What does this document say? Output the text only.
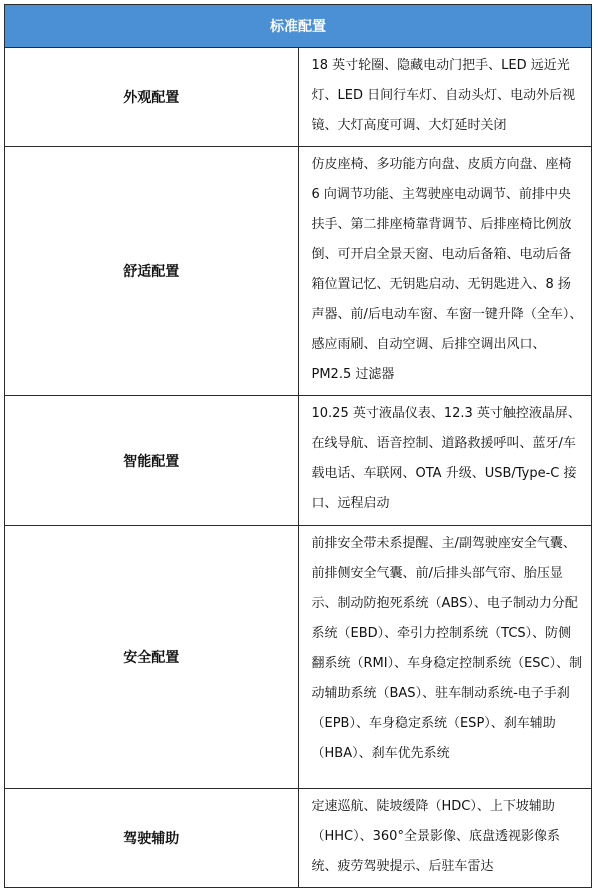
标准配置	
外观配置	18 英寸轮圈、隐藏电动门把手、LED 远近光灯、LED 日间行车灯、自动头灯、电动外后视镜、大灯高度可调、大灯延时关闭
舒适配置	仿皮座椅、多功能方向盘、皮质方向盘、座椅 6 向调节功能、主驾驶座电动调节、前排中央扶手、第二排座椅靠背调节、后排座椅比例放倒、可开启全景天窗、电动后备箱、电动后备箱位置记忆、无钥匙启动、无钥匙进入、8 扬声器、前/后电动车窗、车窗一键升降（全车）、感应雨刷、自动空调、后排空调出风口、PM2.5 过滤器
智能配置	10.25 英寸液晶仪表、12.3 英寸触控液晶屏、在线导航、语音控制、道路救援呼叫、蓝牙/车载电话、车联网、OTA 升级、USB/Type-C 接口、远程启动
安全配置	前排安全带未系提醒、主/副驾驶座安全气囊、前排侧安全气囊、前/后排头部气帘、胎压显示、制动防抱死系统（ABS）、电子制动力分配系统（EBD）、牵引力控制系统（TCS）、防侧翻系统（RMI）、车身稳定控制系统（ESC）、制动辅助系统（BAS）、驻车制动系统-电子手刹（EPB）、车身稳定系统（ESP）、刹车辅助（HBA）、刹车优先系统
驾驶辅助	定速巡航、陡坡缓降（HDC）、上下坡辅助（HHC）、360°全景影像、底盘透视影像系统、疲劳驾驶提示、后驻车雷达
